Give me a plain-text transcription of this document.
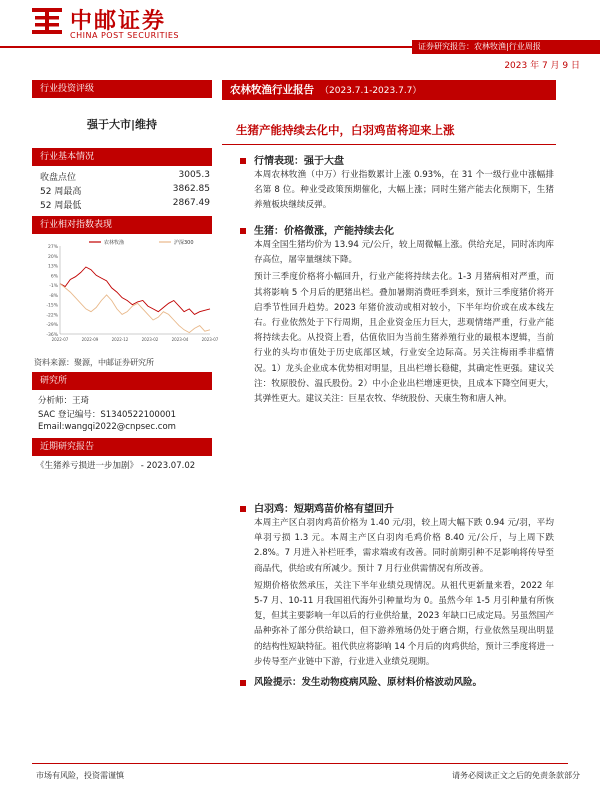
中邮证券
CHINA POST SECURITIES
证券研究报告：农林牧渔|行业周报
2023 年 7 月 9 日
行业投资评级
强于大市|维持
行业基本情况
收盘点位	3005.3
52 周最高	3862.85
52 周最低	2867.49
行业相对指数表现
27%
20%
13%
6%
-1%
-8%
-15%
-22%
-29%
-36%
2022-07	2022-09	2022-12	2023-02	2023-04	2023-07
农林牧渔	沪深300
资料来源：聚源，中邮证券研究所
研究所
分析师：王琦
SAC 登记编号：S1340522100001
Email:wangqi2022@cnpsec.com
近期研究报告
《生猪养亏损进一步加剧》 - 2023.07.02
农林牧渔行业报告 （2023.7.1-2023.7.7）
生猪产能持续去化中，白羽鸡苗将迎来上涨
行情表现：强于大盘

本周农林牧渔（中万）行业指数累计上涨 0.93%，在 31 个一级行业中涨幅排名第 8 位。种业受政策预期催化，大幅上涨；同时生猪产能去化预期下，生猪养殖板块继续反弹。

生猪：价格微涨，产能持续去化

本周全国生猪均价为 13.94 元/公斤，较上周微幅上涨。供给充足，同时冻肉库存高位，屠宰量继续下降。

预计三季度价格将小幅回升，行业产能将持续去化。1-3 月猪病相对严重，而其将影响 5 个月后的肥猪出栏。叠加暑期消费旺季到来，预计三季度猪价将开启季节性回升趋势。2023 年猪价波动或相对较小，下半年均价或在成本线左右。行业依然处于下行周期，且企业资金压力巨大，悲观情绪严重，行业产能将持续去化。从投资上看，估值依旧为当前生猪养殖行业的最根本逻辑，当前行业的头均市值处于历史底部区域，行业安全边际高。另关注梅雨季非瘟情况。1）龙头企业成本优势相对明显，且出栏增长稳健，其确定性更强。建议关注：牧原股份、温氏股份。2）中小企业出栏增速更快，且成本下降空间更大，其弹性更大。建议关注：巨星农牧、华统股份、天康生物和唐人神。

白羽鸡：短期鸡苗价格有望回升

本周主产区白羽肉鸡苗价格为 1.40 元/羽，较上周大幅下跌 0.94 元/羽，平均单羽亏损 1.3 元。本周主产区白羽肉毛鸡价格 8.40 元/公斤，与上周下跌 2.8%。7 月进入补栏旺季，需求端或有改善。同时前期引种不足影响将传导至商品代，供给或有所减少。预计 7 月行业供需情况有所改善。

短期价格依然承压，关注下半年业绩兑现情况。从祖代更新量来看，2022 年 5-7 月、10-11 月我国祖代海外引种量均为 0。虽然今年 1-5 月引种量有所恢复，但其主要影响一年以后的行业供给量，2023 年缺口已成定局。另虽然国产品种弥补了部分供给缺口，但下游养殖场仍处于磨合期，行业依然呈现出明显的结构性短缺特征。祖代供应将影响 14 个月后的肉鸡供给，预计三季度将进一步传导至产业链中下游，行业进入业绩兑现期。

风险提示：发生动物疫病风险、原材料价格波动风险。
市场有风险，投资需谨慎	请务必阅读正文之后的免责条款部分
